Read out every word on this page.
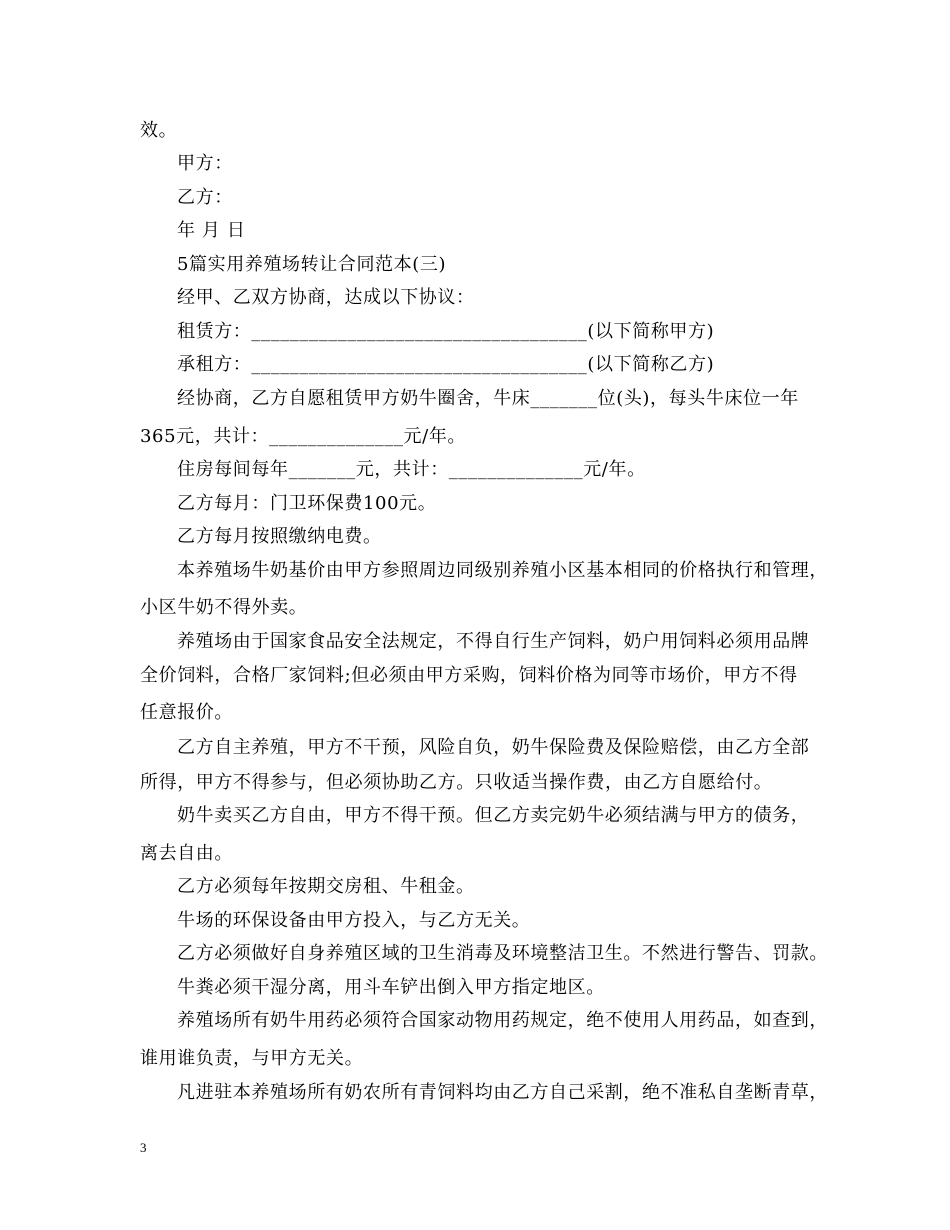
效。
甲方：
乙方：
年 月 日
5篇实用养殖场转让合同范本(三)
经甲、乙双方协商，达成以下协议：
租赁方：___________________________________(以下简称甲方)
承租方：___________________________________(以下简称乙方)
经协商，乙方自愿租赁甲方奶牛圈舍，牛床_______位(头)，每头牛床位一年
365元，共计：______________元/年。
住房每间每年_______元，共计：______________元/年。
乙方每月：门卫环保费100元。
乙方每月按照缴纳电费。
本养殖场牛奶基价由甲方参照周边同级别养殖小区基本相同的价格执行和管理，
小区牛奶不得外卖。
养殖场由于国家食品安全法规定，不得自行生产饲料，奶户用饲料必须用品牌
全价饲料，合格厂家饲料;但必须由甲方采购，饲料价格为同等市场价，甲方不得
任意报价。
乙方自主养殖，甲方不干预，风险自负，奶牛保险费及保险赔偿，由乙方全部
所得，甲方不得参与，但必须协助乙方。只收适当操作费，由乙方自愿给付。
奶牛卖买乙方自由，甲方不得干预。但乙方卖完奶牛必须结满与甲方的债务，
离去自由。
乙方必须每年按期交房租、牛租金。
牛场的环保设备由甲方投入，与乙方无关。
乙方必须做好自身养殖区域的卫生消毒及环境整洁卫生。不然进行警告、罚款。
牛粪必须干湿分离，用斗车铲出倒入甲方指定地区。
养殖场所有奶牛用药必须符合国家动物用药规定，绝不使用人用药品，如查到，
谁用谁负责，与甲方无关。
凡进驻本养殖场所有奶农所有青饲料均由乙方自己采割，绝不准私自垄断青草，
3
